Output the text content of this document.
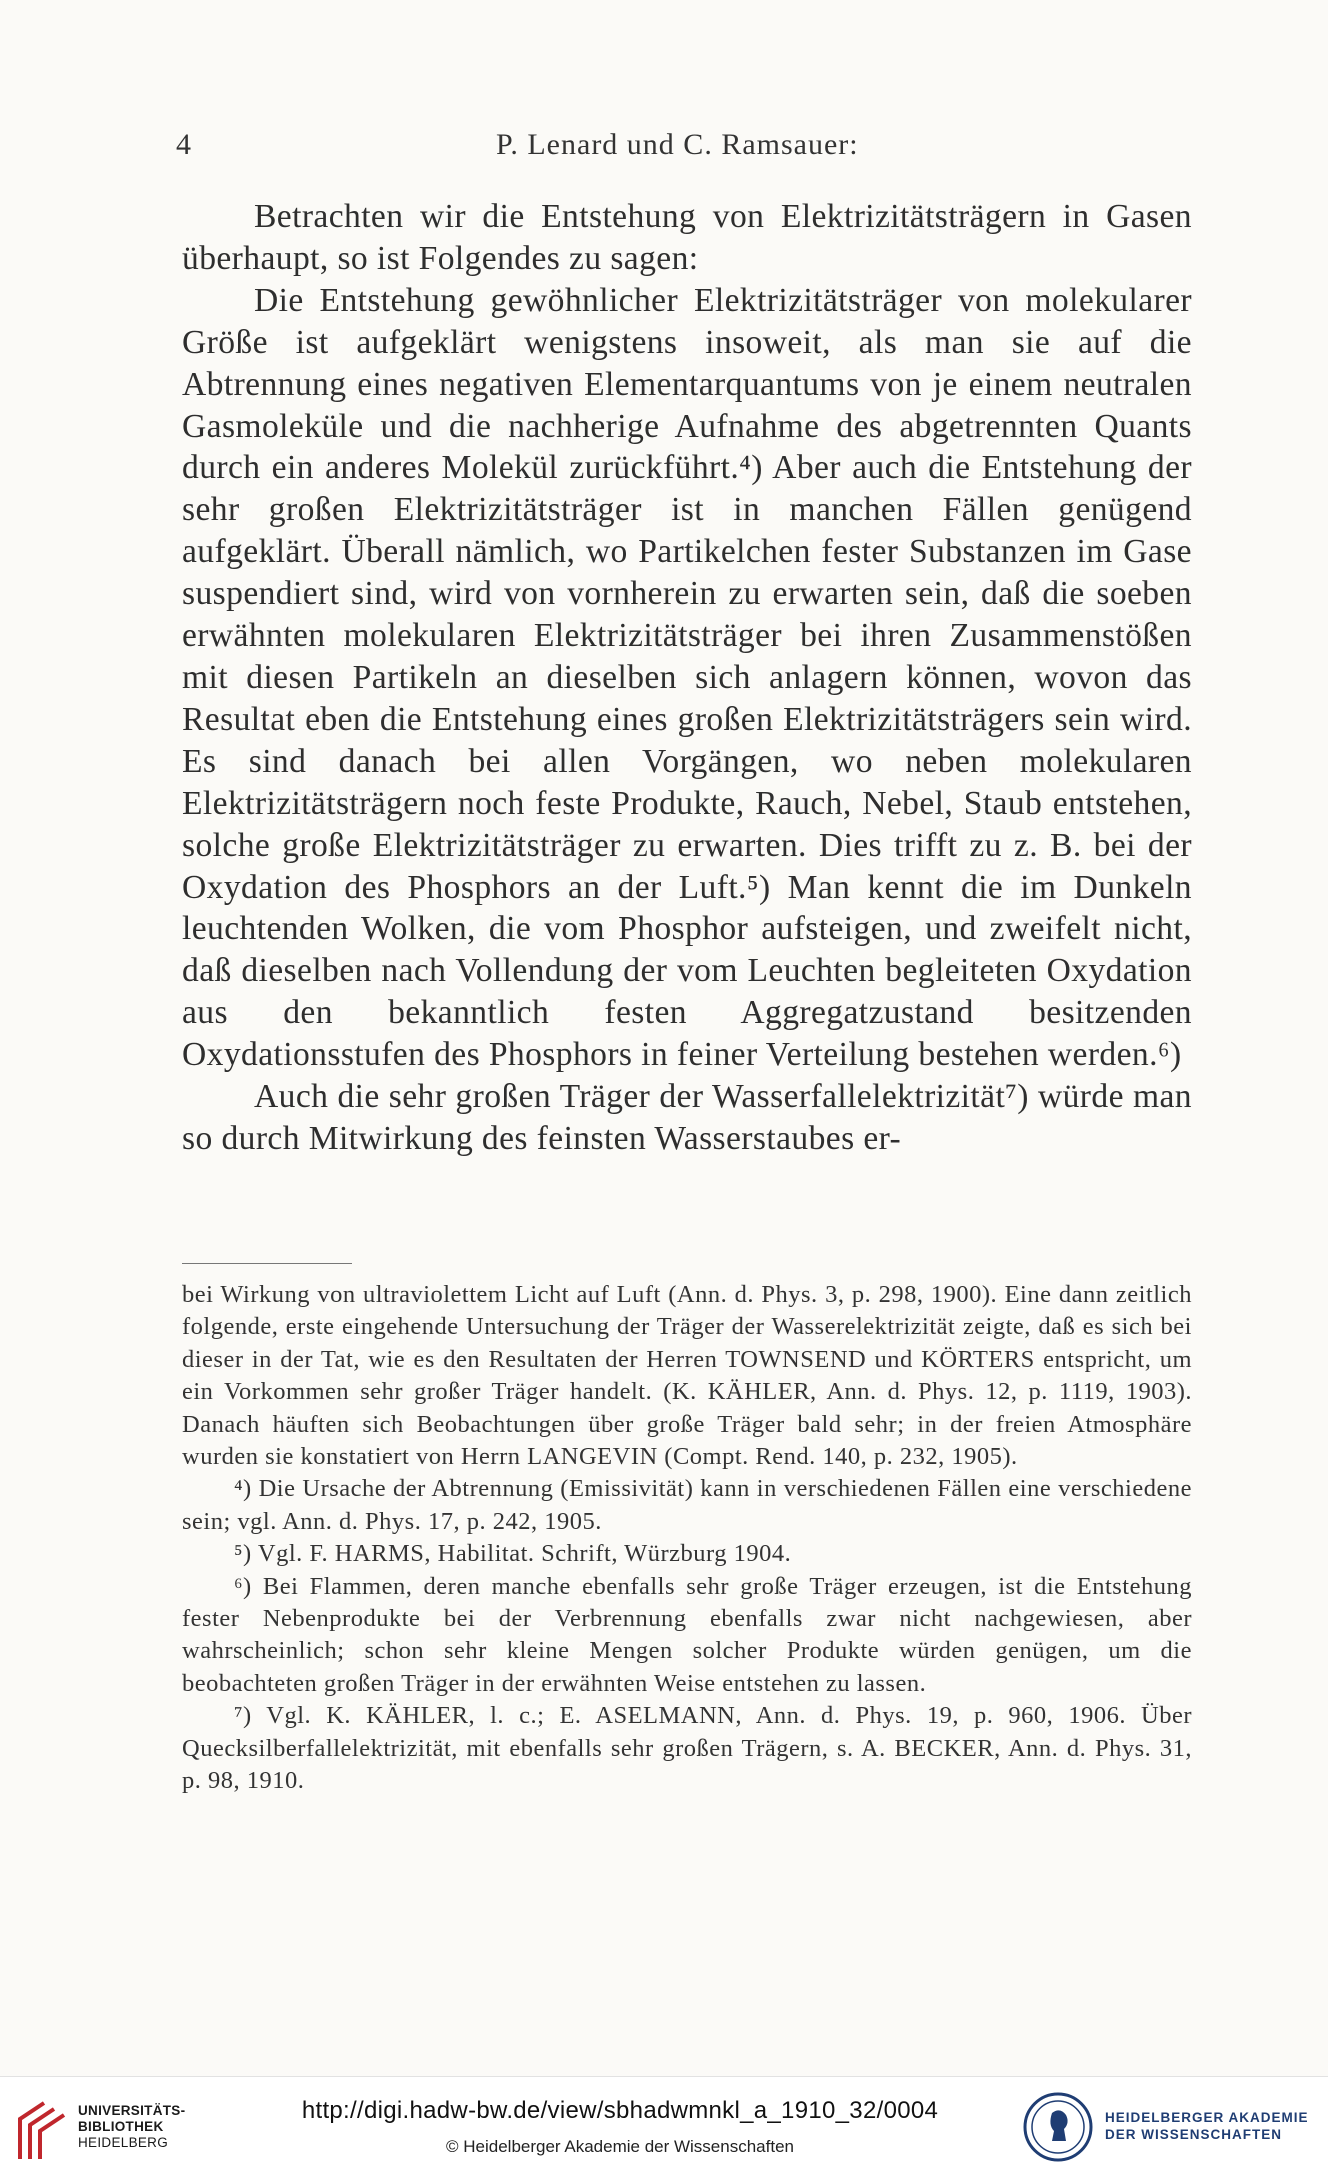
4	P. Lenard und C. Ramsauer:

Betrachten wir die Entstehung von Elektrizitätsträgern in Gasen überhaupt, so ist Folgendes zu sagen:

Die Entstehung gewöhnlicher Elektrizitätsträger von molekularer Größe ist aufgeklärt wenigstens insoweit, als man sie auf die Abtrennung eines negativen Elementarquantums von je einem neutralen Gasmoleküle und die nachherige Aufnahme des abgetrennten Quants durch ein anderes Molekül zurückführt.⁴) Aber auch die Entstehung der sehr großen Elektrizitätsträger ist in manchen Fällen genügend aufgeklärt. Überall nämlich, wo Partikelchen fester Substanzen im Gase suspendiert sind, wird von vornherein zu erwarten sein, daß die soeben erwähnten molekularen Elektrizitätsträger bei ihren Zusammenstößen mit diesen Partikeln an dieselben sich anlagern können, wovon das Resultat eben die Entstehung eines großen Elektrizitätsträgers sein wird. Es sind danach bei allen Vorgängen, wo neben molekularen Elektrizitätsträgern noch feste Produkte, Rauch, Nebel, Staub entstehen, solche große Elektrizitätsträger zu erwarten. Dies trifft zu z. B. bei der Oxydation des Phosphors an der Luft.⁵) Man kennt die im Dunkeln leuchtenden Wolken, die vom Phosphor aufsteigen, und zweifelt nicht, daß dieselben nach Vollendung der vom Leuchten begleiteten Oxydation aus den bekanntlich festen Aggregatzustand besitzenden Oxydationsstufen des Phosphors in feiner Verteilung bestehen werden.⁶)

Auch die sehr großen Träger der Wasserfallelektrizität⁷) würde man so durch Mitwirkung des feinsten Wasserstaubes er-

bei Wirkung von ultraviolettem Licht auf Luft (Ann. d. Phys. 3, p. 298, 1900). Eine dann zeitlich folgende, erste eingehende Untersuchung der Träger der Wasserelektrizität zeigte, daß es sich bei dieser in der Tat, wie es den Resultaten der Herren TOWNSEND und KÖRTERS entspricht, um ein Vorkommen sehr großer Träger handelt. (K. KÄHLER, Ann. d. Phys. 12, p. 1119, 1903). Danach häuften sich Beobachtungen über große Träger bald sehr; in der freien Atmosphäre wurden sie konstatiert von Herrn LANGEVIN (Compt. Rend. 140, p. 232, 1905).

⁴) Die Ursache der Abtrennung (Emissivität) kann in verschiedenen Fällen eine verschiedene sein; vgl. Ann. d. Phys. 17, p. 242, 1905.

⁵) Vgl. F. HARMS, Habilitat. Schrift, Würzburg 1904.

⁶) Bei Flammen, deren manche ebenfalls sehr große Träger erzeugen, ist die Entstehung fester Nebenprodukte bei der Verbrennung ebenfalls zwar nicht nachgewiesen, aber wahrscheinlich; schon sehr kleine Mengen solcher Produkte würden genügen, um die beobachteten großen Träger in der erwähnten Weise entstehen zu lassen.

⁷) Vgl. K. KÄHLER, l. c.; E. ASELMANN, Ann. d. Phys. 19, p. 960, 1906. Über Quecksilberfallelektrizität, mit ebenfalls sehr großen Trägern, s. A. BECKER, Ann. d. Phys. 31, p. 98, 1910.

UNIVERSITÄTS-
BIBLIOTHEK
HEIDELBERG
http://digi.hadw-bw.de/view/sbhadwmnkl_a_1910_32/0004
© Heidelberger Akademie der Wissenschaften
HEIDELBERGER AKADEMIE
DER WISSENSCHAFTEN
